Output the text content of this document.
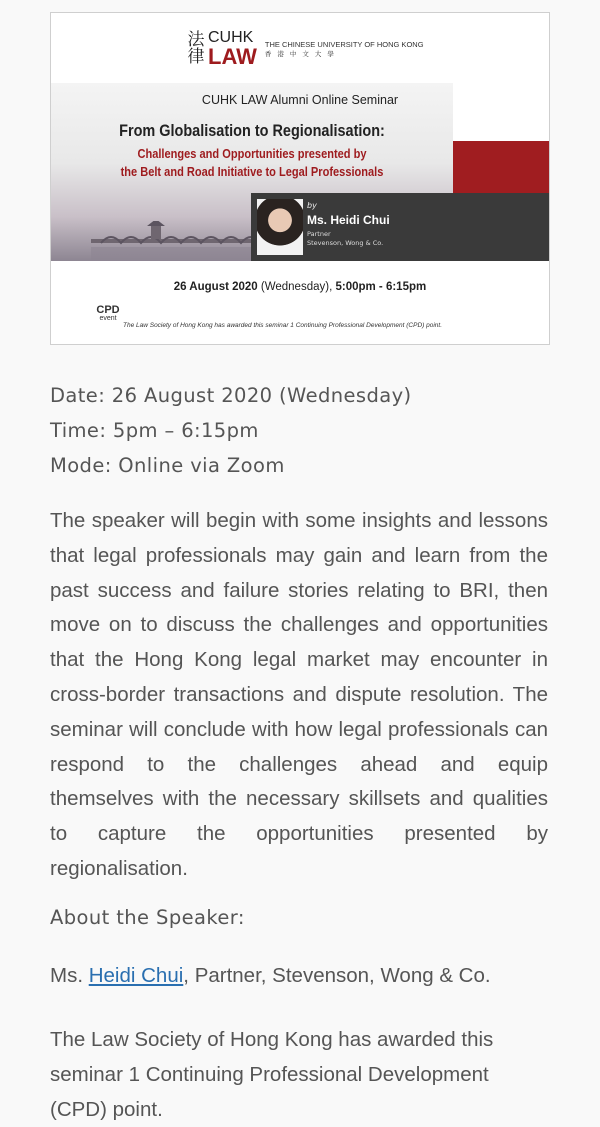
法律
CUHK
LAW THE CHINESE UNIVERSITY OF HONG KONG
香港中文大學
CUHK LAW Alumni Online Seminar
From Globalisation to Regionalisation:
Challenges and Opportunities presented by
the Belt and Road Initiative to Legal Professionals
by
Ms. Heidi Chui
Partner
Stevenson, Wong & Co.
26 August 2020 (Wednesday), 5:00pm - 6:15pm
CPD
event
The Law Society of Hong Kong has awarded this seminar 1 Continuing Professional Development (CPD) point.
Date: 26 August 2020 (Wednesday)
Time: 5pm – 6:15pm
Mode: Online via Zoom

The speaker will begin with some insights and lessons that legal professionals may gain and learn from the past success and failure stories relating to BRI, then move on to discuss the challenges and opportunities that the Hong Kong legal market may encounter in cross-border transactions and dispute resolution. The seminar will conclude with how legal professionals can respond to the challenges ahead and equip themselves with the necessary skillsets and qualities to capture the opportunities presented by regionalisation.

About the Speaker:
Ms. Heidi Chui, Partner, Stevenson, Wong & Co.

The Law Society of Hong Kong has awarded this seminar 1 Continuing Professional Development (CPD) point.
